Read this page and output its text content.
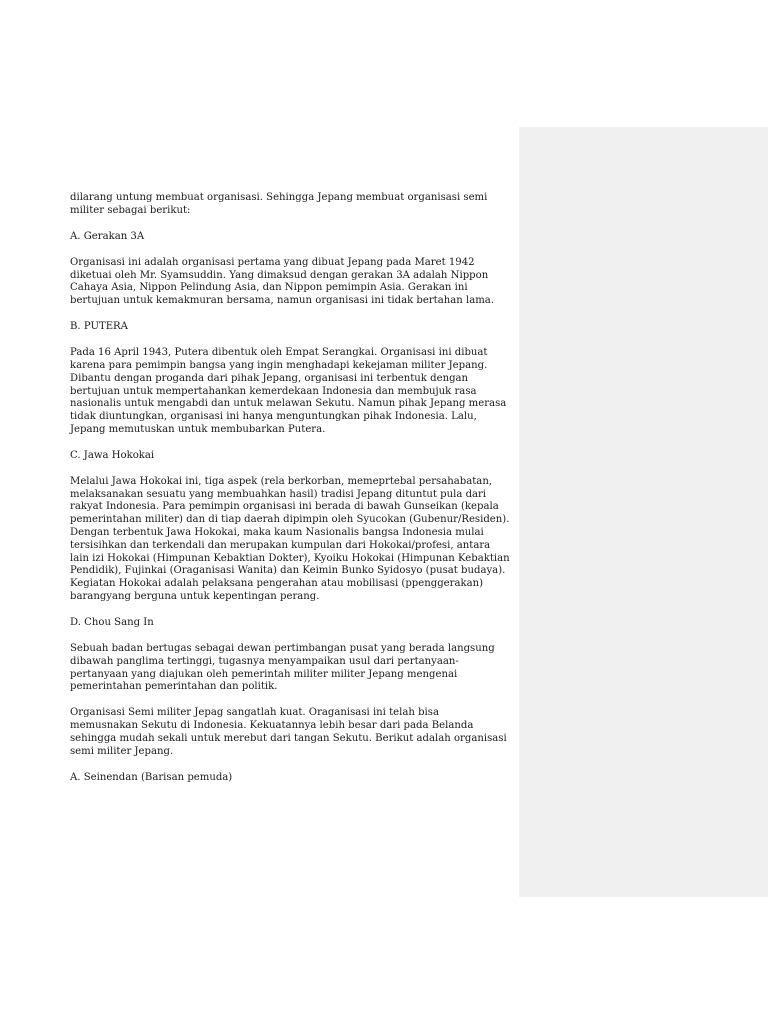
dilarang untung membuat organisasi. Sehingga Jepang membuat organisasi semi militer sebagai berikut:

A. Gerakan 3A

Organisasi ini adalah organisasi pertama yang dibuat Jepang pada Maret 1942 diketuai oleh Mr. Syamsuddin. Yang dimaksud dengan gerakan 3A adalah Nippon Cahaya Asia, Nippon Pelindung Asia, dan Nippon pemimpin Asia. Gerakan ini bertujuan untuk kemakmuran bersama, namun organisasi ini tidak bertahan lama.

B. PUTERA

Pada 16 April 1943, Putera dibentuk oleh Empat Serangkai. Organisasi ini dibuat karena para pemimpin bangsa yang ingin menghadapi kekejaman militer Jepang. Dibantu dengan proganda dari pihak Jepang, organisasi ini terbentuk dengan bertujuan untuk mempertahankan kemerdekaan Indonesia dan membujuk rasa nasionalis untuk mengabdi dan untuk melawan Sekutu. Namun pihak Jepang merasa tidak diuntungkan, organisasi ini hanya menguntungkan pihak Indonesia. Lalu, Jepang memutuskan untuk membubarkan Putera.

C. Jawa Hokokai

Melalui Jawa Hokokai ini, tiga aspek (rela berkorban, memeprtebal persahabatan, melaksanakan sesuatu yang membuahkan hasil) tradisi Jepang dituntut pula dari rakyat Indonesia. Para pemimpin organisasi ini berada di bawah Gunseikan (kepala pemerintahan militer) dan di tiap daerah dipimpin oleh Syucokan (Gubenur/Residen). Dengan terbentuk Jawa Hokokai, maka kaum Nasionalis bangsa Indonesia mulai tersisihkan dan terkendali dan merupakan kumpulan dari Hokokai/profesi, antara lain izi Hokokai (Himpunan Kebaktian Dokter), Kyoiku Hokokai (Himpunan Kebaktian Pendidik), Fujinkai (Oraganisasi Wanita) dan Keimin Bunko Syidosyo (pusat budaya). Kegiatan Hokokai adalah pelaksana pengerahan atau mobilisasi (ppenggerakan) barangyang berguna untuk kepentingan perang.

D. Chou Sang In

Sebuah badan bertugas sebagai dewan pertimbangan pusat yang berada langsung dibawah panglima tertinggi, tugasnya menyampaikan usul dari pertanyaan-pertanyaan yang diajukan oleh pemerintah militer militer Jepang mengenai pemerintahan pemerintahan dan politik.

Organisasi Semi militer Jepag sangatlah kuat. Oraganisasi ini telah bisa memusnakan Sekutu di Indonesia. Kekuatannya lebih besar dari pada Belanda sehingga mudah sekali untuk merebut dari tangan Sekutu. Berikut adalah organisasi semi militer Jepang.

A. Seinendan (Barisan pemuda)
